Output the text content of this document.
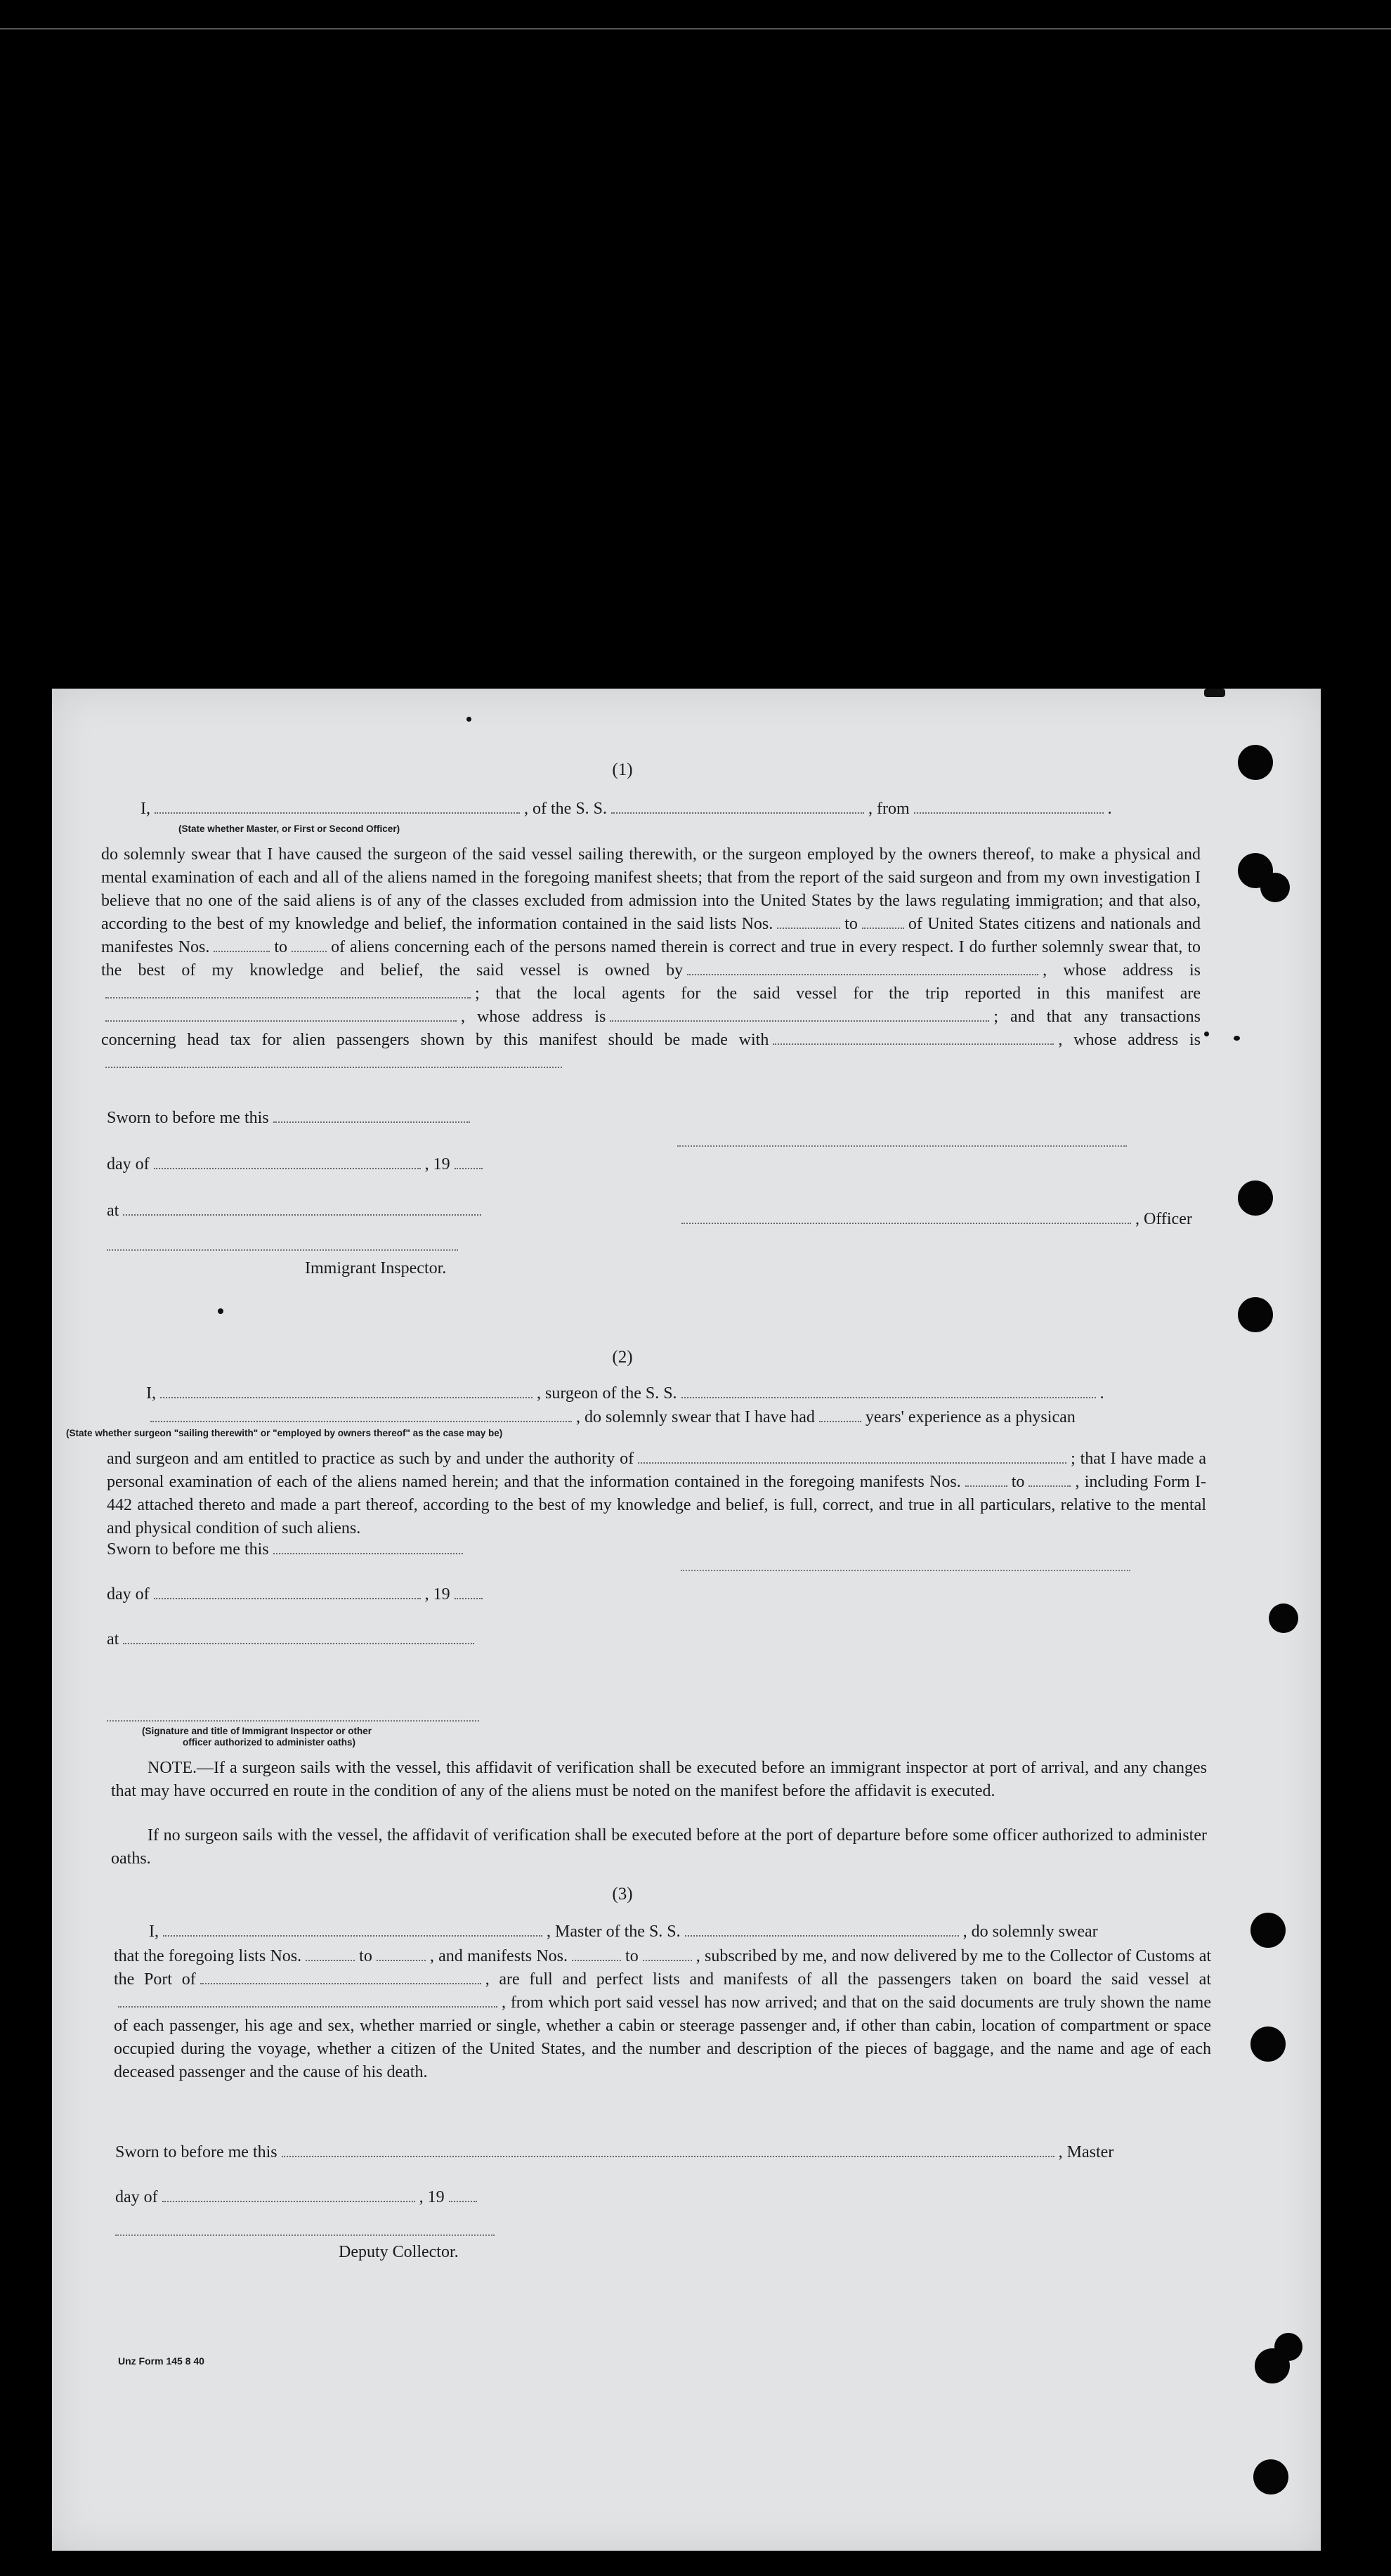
(1)
I,	, of the S. S.	, from	.
(State whether Master, or First or Second Officer)
do solemnly swear that I have caused the surgeon of the said vessel sailing therewith, or the surgeon employed by the owners thereof, to make a physical and mental examination of each and all of the aliens named in the foregoing manifest sheets; that from the report of the said surgeon and from my own investigation I believe that no one of the said aliens is of any of the classes excluded from admission into the United States by the laws regulating immigration; and that also, according to the best of my knowledge and belief, the information contained in the said lists Nos.	to	of United States citizens and nationals and manifestes Nos.	to	of aliens concerning each of the persons named therein is correct and true in every respect. I do further solemnly swear that, to the best of my knowledge and belief, the said vessel is owned by	, whose address is; that the local agents for the said vessel for the trip reported in this manifest are, whose address is	; and that any transactions concerning head tax for alien passengers shown by this manifest should be made with	, whose address is
Sworn to before me this
day of	, 19
at	, Officer
Immigrant Inspector.
(2)
I,	, surgeon of the S. S.	.
, do solemnly swear that I have had	years' experience as a physican
(State whether surgeon "sailing therewith" or "employed by owners thereof" as the case may be)
and surgeon and am entitled to practice as such by and under the authority of	; that I have made a personal examination of each of the aliens named herein; and that the information contained in the foregoing manifests Nos.	to	, including Form I-442 attached thereto and made a part thereof, according to the best of my knowledge and belief, is full, correct, and true in all particulars, relative to the mental and physical condition of such aliens.
Sworn to before me this
day of	, 19
at
(Signature and title of Immigrant Inspector or other
officer authorized to administer oaths)
NOTE.—If a surgeon sails with the vessel, this affidavit of verification shall be executed before an immigrant inspector at port of arrival, and any changes that may have occurred en route in the condition of any of the aliens must be noted on the manifest before the affidavit is executed.
If no surgeon sails with the vessel, the affidavit of verification shall be executed before at the port of departure before some officer authorized to administer oaths.
(3)
I,	, Master of the S. S.	, do solemnly swear
that the foregoing lists Nos.	to	, and manifests Nos.	to	, subscribed by me, and now delivered by me to the Collector of Customs at the Port of	, are full and perfect lists and manifests of all the passengers taken on board the said vessel at, from which port said vessel has now arrived; and that on the said documents are truly shown the name of each passenger, his age and sex, whether married or single, whether a cabin or steerage passenger and, if other than cabin, location of compartment or space occupied during the voyage, whether a citizen of the United States, and the number and description of the pieces of baggage, and the name and age of each deceased passenger and the cause of his death.
Sworn to before me this	, Master
day of	, 19
Deputy Collector.
Unz Form 145 8 40
